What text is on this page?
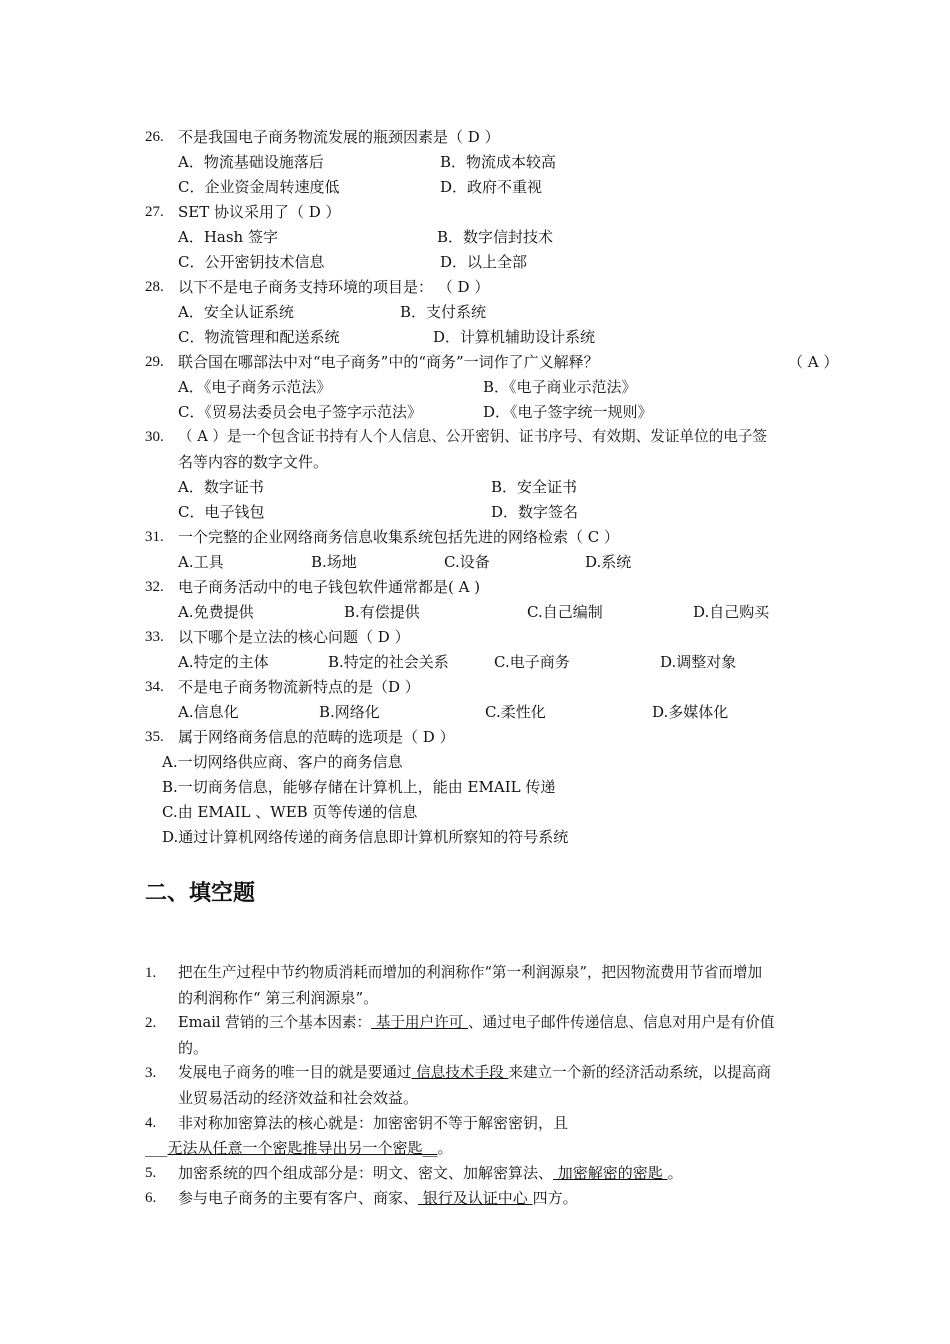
26. 不是我国电子商务物流发展的瓶颈因素是（ D ）
A．物流基础设施落后	B．物流成本较高
C．企业资金周转速度低	D．政府不重视
27. SET 协议采用了（ D ）
A．Hash 签字	B．数字信封技术
C．公开密钥技术信息	D．以上全部
28. 以下不是电子商务支持环境的项目是： （ D ）
A．安全认证系统	B．支付系统
C．物流管理和配送系统	D．计算机辅助设计系统
29. 联合国在哪部法中对“电子商务”中的“商务”一词作了广义解释？	（ A ）
A．《电子商务示范法》	B．《电子商业示范法》
C．《贸易法委员会电子签字示范法》	D．《电子签字统一规则》
30. （ A ）是一个包含证书持有人个人信息、公开密钥、证书序号、有效期、发证单位的电子签
名等内容的数字文件。
A．数字证书	B．安全证书
C．电子钱包	D．数字签名
31. 一个完整的企业网络商务信息收集系统包括先进的网络检索（ C ）
A.工具	B.场地	C.设备	D.系统
32. 电子商务活动中的电子钱包软件通常都是( A )
A.免费提供	B.有偿提供	C.自己编制	D.自己购买
33. 以下哪个是立法的核心问题（ D ）
A.特定的主体	B.特定的社会关系	C.电子商务	D.调整对象
34. 不是电子商务物流新特点的是（D ）
A.信息化	B.网络化	C.柔性化	D.多媒体化
35. 属于网络商务信息的范畴的选项是（ D ）
A.一切网络供应商、客户的商务信息
B.一切商务信息，能够存储在计算机上，能由 EMAIL 传递
C.由 EMAIL 、WEB 页等传递的信息
D.通过计算机网络传递的商务信息即计算机所察知的符号系统
二、填空题
1. 把在生产过程中节约物质消耗而增加的利润称作“第一利润源泉”，把因物流费用节省而增加
的利润称作“ 第三利润源泉”。
2. Email 营销的三个基本因素： 基于用户许可 、通过电子邮件传递信息、信息对用户是有价值
的。
3. 发展电子商务的唯一目的就是要通过 信息技术手段 来建立一个新的经济活动系统，以提高商
业贸易活动的经济效益和社会效益。
4. 非对称加密算法的核心就是：加密密钥不等于解密密钥，且
___无法从任意一个密匙推导出另一个密匙__。
5. 加密系统的四个组成部分是：明文、密文、加解密算法、 加密解密的密匙 。
6. 参与电子商务的主要有客户、商家、 银行及认证中心 四方。
